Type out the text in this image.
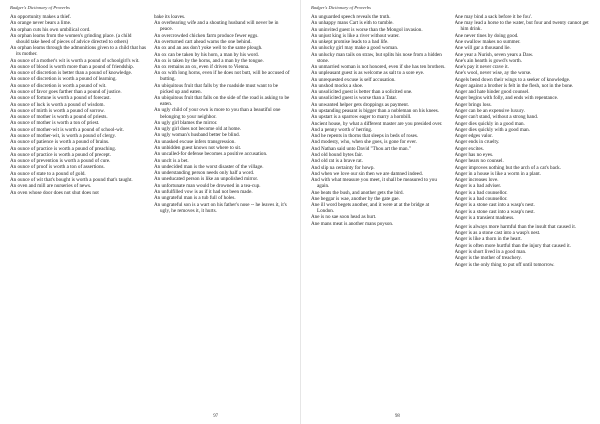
Badger's Dictionary of Proverbs
An opportunity makes a thief.
An orange never bears a lime.
An orphan cuts his own umbilical cord.
An orphan learns from the women's grinding place. (a child should take heed of pieces of advice directed to others)
An orphan learns through the admonitions given to a child that has its mother.
An ounce of a mother's wit is worth a pound of schoolgirl's wit.
An ounce of blood is worth more than a pound of friendship.
An ounce of discretion is better than a pound of knowledge.
An ounce of discretion is worth a pound of learning.
An ounce of discretion is worth a pound of wit.
An ounce of favor goes farther than a pound of justice.
An ounce of fortune is worth a pound of forecast.
An ounce of luck is worth a pound of wisdom.
An ounce of mirth is worth a pound of sorrow.
An ounce of mother is worth a pound of priests.
An ounce of mother is worth a ton of priest.
An ounce of mother-wit is worth a pound of school-wit.
An ounce of mother-wit, is worth a pound of clergy.
An ounce of patience is worth a pound of brains.
An ounce of practice is worth a pound of preaching.
An ounce of practice is worth a pound of precept.
An ounce of prevention is worth a pound of cure.
An ounce of proof is worth a ton of assertions.
An ounce of state to a pound of gold.
An ounce of wit that's bought is worth a pound that's taught.
An oven and mill are nurseries of news.
An oven whose door does not shut does not
bake its loaves.
An overbearing wife and a shouting husband will never be in peace.
An overcrowded chicken farm produce fewer eggs.
An overturned cart ahead warns the one behind.
An ox and an ass don't yoke well to the same plough.
An ox can be taken by his horn, a man by his word.
An ox is taken by the horns, and a man by the tongue.
An ox remains an ox, even if driven to Vienna.
An ox with long horns, even if he does not butt, will be accused of butting.
An ubiquitous fruit that falls by the roadside must want to be picked up and eaten.
An ubiquitous fruit that falls on the side of the road is asking to be eaten.
An ugly child of your own is more to you than a beautiful one belonging to your neighbor.
An ugly girl blames the mirror.
An ugly girl does not become old at home.
An ugly woman's husband better be blind.
An unasked excuse infers transgression.
An unbidden guest knows not where to sit.
An uncalled-for defense becomes a positive accusation.
An unclt is a bet.
An undecided man is the worst disaster of the village.
An understanding person needs only half a word.
An uneducated person is like an unpolished mirror.
An unfortunate man would be drowned in a tea-cup.
An unfulfilled vow is as if it had not been made.
An ungrateful man is a tub full of holes.
An ungrateful son is a wart on his father's nose -- he leaves it, it's ugly, he removes it, it hurts.
97
Badger's Dictionary of Proverbs
An unguarded speech reveals the truth.
An unhappy mans Cart is eith to tumble.
An uninvited guest is worse than the Mongol invasion.
An unjust king is like a river without water.
An unkept promise leads to a bad life.
An unlucky girl may make a good woman.
An unlucky man tails on straw, but splits his nose from a hidden stone.
An unmarried woman is not honored, even if she has ten brothers.
An unpleasant guest is as welcome as salt to a sore eye.
An unrequested excuse is self accusation.
An unshod mocks a shoe.
An unsolicited guest is better than a solicited one.
An unsolicited guest is worse than a Tatar.
An unwanted helper gets droppings as payment.
An upstanding peasant is bigger than a nobleman on his knees.
An upstart is a sparrow eager to marry a hornbill.
Ancient house, by what a different master are you presided over.
And a penny worth o' herring.
And he repents in thorns that sleeps in beds of roses.
And modesty, who, when she goes, is gone for ever.
And Nathan said unto David "Thou art the man."
And old hound bytes fair.
And old rat is a brave rat.
And slip na certainty for howp.
And when we love our sin then we are damned indeed.
And with what measure you meet, it shall be measured to you again.
Ane beats the bush, and another gets the bird.
Ane beggar is wae, another by the gate gae.
Ane ill word begets another, and it were at at the bridge at London.
Ane is no sae soon head as hurt.
Ane mans meat is another mans poyson.
Ane may bind a sack before it be fou'.
Ane may lead a horse to the water, but four and twenty cannot get him drink.
Ane never tines by doing good.
Ane swallow makes no summer.
Ane will gar a thousand lie.
Ane year a Nurish, seven years a Daw.
Ane's ain hearth is gowd's worth.
Ane's pay it never crave it.
Ane's wool, never wise, ay the worse.
Angels bend down their wings to a seeker of knowledge.
Anger against a brother is felt in the flesh, not in the bone.
Anger and hate hinder good counsel.
Anger begins with folly, and ends with repentance.
Anger brings loss.
Anger can be an expensive luxury.
Anger can't stand, without a strong hand.
Anger dies quickly in a good man.
Anger dies quickly with a good man.
Anger edges valor.
Anger ends in cruelty.
Anger excites.
Anger has no eyes.
Anger hears no counsel.
Anger improves nothing but the arch of a cat's back.
Anger in a house is like a worm in a plant.
Anger increases love.
Anger is a bad adviser.
Anger is a bad counsellor.
Anger is a bad counsellor.
Anger is a stone cast into a wasp's nest.
Anger is a stone cast into a wasp's nest.
Anger is a transient madness.
Anger is always more harmful than the insult that caused it.
Anger is as a stone cast into a wasp's nest.
Anger is like a thorn in the heart.
Anger is often more hurtful than the injury that caused it.
Anger is short lived in a good man.
Anger is the mother of treachery.
Anger is the only thing to put off until tomorrow.
98
